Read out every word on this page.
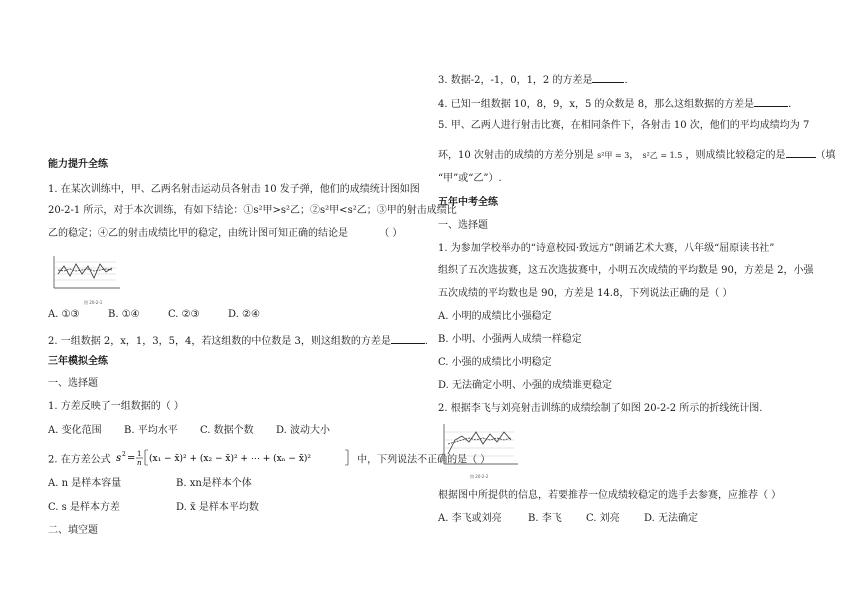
能力提升全练
1. 在某次训练中，甲、乙两名射击运动员各射击 10 发子弹，他们的成绩统计图如图
20-2-1 所示，对于本次训练，有如下结论：①s²甲>s²乙；②s²甲<s²乙；③甲的射击成绩比
乙的稳定；④乙的射击成绩比甲的稳定，由统计图可知正确的结论是	（ ）
图 20-2-1
A. ①③	B. ①④	C. ②③	D. ②④
2. 一组数据 2，x，1，3，5，4，若这组数的中位数是 3，则这组数的方差是	.
三年模拟全练
一、选择题
1. 方差反映了一组数据的（ ）
A. 变化范围 B. 平均水平 C. 数据个数 D. 波动大小
2. 在方差公式 s 2 = 1
n (x₁ − x̄)² + (x₂ − x̄)² + ⋯ + (xₙ − x̄)²	中，下列说法不正确的是（ ）
A. n 是样本容量	B. xn是样本个体
C. s 是样本方差	D. x̄ 是样本平均数
二、填空题
3. 数据-2，-1，0，1，2 的方差是	.
4. 已知一组数据 10，8，9，x，5 的众数是 8，那么这组数据的方差是	.
5. 甲、乙两人进行射击比赛，在相同条件下，各射击 10 次，他们的平均成绩均为 7
环，10 次射击的成绩的方差分别是 s²甲 = 3， s²乙 = 1.5 ，则成绩比较稳定的是	（填
“甲”或“乙”）.
五年中考全练
一、选择题
1. 为参加学校举办的“诗意校园·致远方”朗诵艺术大赛，八年级“屈原读书社”
组织了五次选拔赛，这五次选拔赛中，小明五次成绩的平均数是 90，方差是 2，小强
五次成绩的平均数也是 90，方差是 14.8，下列说法正确的是（ ）
A. 小明的成绩比小强稳定
B. 小明、小强两人成绩一样稳定
C. 小强的成绩比小明稳定
D. 无法确定小明、小强的成绩谁更稳定
2. 根据李飞与刘亮射击训练的成绩绘制了如图 20-2-2 所示的折线统计图.
图 20-2-2
根据图中所提供的信息，若要推荐一位成绩较稳定的选手去参赛，应推荐（ ）
A. 李飞或刘亮	B. 李飞 C. 刘亮 D. 无法确定
